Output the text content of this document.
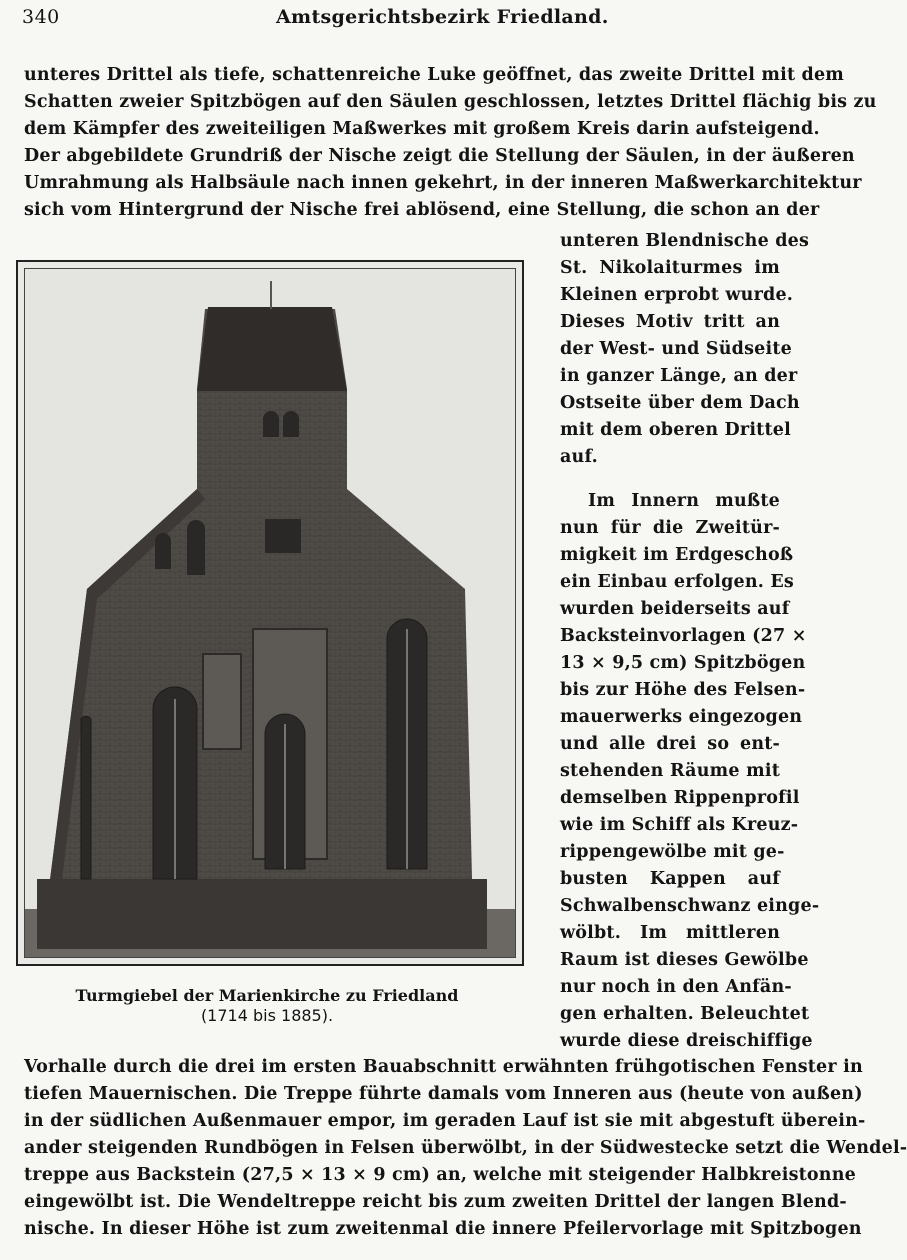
340	Amtsgerichtsbezirk Friedland.
unteres Drittel als tiefe, schattenreiche Luke geöffnet, das zweite Drittel mit dem
Schatten zweier Spitzbögen auf den Säulen geschlossen, letztes Drittel flächig bis zu
dem Kämpfer des zweiteiligen Maßwerkes mit großem Kreis darin aufsteigend.
Der abgebildete Grundriß der Nische zeigt die Stellung der Säulen, in der äußeren
Umrahmung als Halbsäule nach innen gekehrt, in der inneren Maßwerkarchitektur
sich vom Hintergrund der Nische frei ablösend, eine Stellung, die schon an der
unteren Blendnische des
St. Nikolaiturmes im
Kleinen erprobt wurde.
Dieses Motiv tritt an
der West- und Südseite
in ganzer Länge, an der
Ostseite über dem Dach
mit dem oberen Drittel
auf.
Im Innern mußte
nun für die Zweitür-
migkeit im Erdgeschoß
ein Einbau erfolgen. Es
wurden beiderseits auf
Backsteinvorlagen (27 ×
13 × 9,5 cm) Spitzbögen
bis zur Höhe des Felsen-
mauerwerks eingezogen
und alle drei so ent-
stehenden Räume mit
demselben Rippenprofil
wie im Schiff als Kreuz-
rippengewölbe mit ge-
busten Kappen auf
Schwalbenschwanz einge-
wölbt. Im mittleren
Raum ist dieses Gewölbe
nur noch in den Anfän-
gen erhalten. Beleuchtet
wurde diese dreischiffige
Turmgiebel der Marienkirche zu Friedland
(1714 bis 1885).
Vorhalle durch die drei im ersten Bauabschnitt erwähnten frühgotischen Fenster in
tiefen Mauernischen. Die Treppe führte damals vom Inneren aus (heute von außen)
in der südlichen Außenmauer empor, im geraden Lauf ist sie mit abgestuft überein-
ander steigenden Rundbögen in Felsen überwölbt, in der Südwestecke setzt die Wendel-
treppe aus Backstein (27,5 × 13 × 9 cm) an, welche mit steigender Halbkreistonne
eingewölbt ist. Die Wendeltreppe reicht bis zum zweiten Drittel der langen Blend-
nische. In dieser Höhe ist zum zweitenmal die innere Pfeilervorlage mit Spitzbogen
